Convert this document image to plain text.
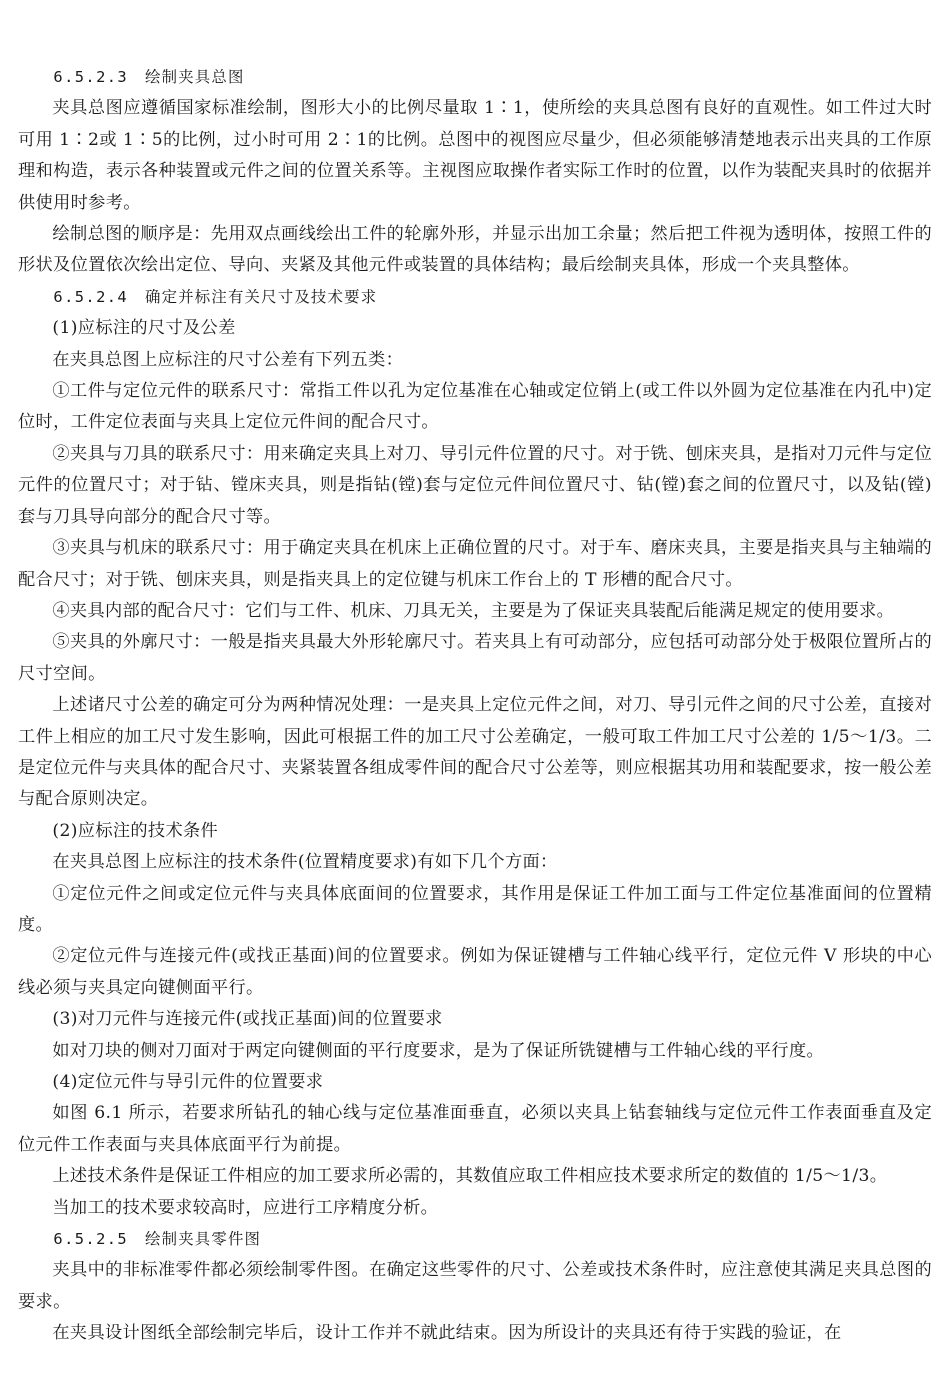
6.5.2.3 绘制夹具总图

夹具总图应遵循国家标准绘制，图形大小的比例尽量取 1∶1，使所绘的夹具总图有良好的直观性。如工件过大时可用 1∶2或 1∶5的比例，过小时可用 2∶1的比例。总图中的视图应尽量少，但必须能够清楚地表示出夹具的工作原理和构造，表示各种装置或元件之间的位置关系等。主视图应取操作者实际工作时的位置，以作为装配夹具时的依据并供使用时参考。

绘制总图的顺序是：先用双点画线绘出工件的轮廓外形，并显示出加工余量；然后把工件视为透明体，按照工件的形状及位置依次绘出定位、导向、夹紧及其他元件或装置的具体结构；最后绘制夹具体，形成一个夹具整体。

6.5.2.4 确定并标注有关尺寸及技术要求

(1)应标注的尺寸及公差

在夹具总图上应标注的尺寸公差有下列五类：

①工件与定位元件的联系尺寸：常指工件以孔为定位基准在心轴或定位销上(或工件以外圆为定位基准在内孔中)定位时，工件定位表面与夹具上定位元件间的配合尺寸。

②夹具与刀具的联系尺寸：用来确定夹具上对刀、导引元件位置的尺寸。对于铣、刨床夹具，是指对刀元件与定位元件的位置尺寸；对于钻、镗床夹具，则是指钻(镗)套与定位元件间位置尺寸、钻(镗)套之间的位置尺寸，以及钻(镗)套与刀具导向部分的配合尺寸等。

③夹具与机床的联系尺寸：用于确定夹具在机床上正确位置的尺寸。对于车、磨床夹具，主要是指夹具与主轴端的配合尺寸；对于铣、刨床夹具，则是指夹具上的定位键与机床工作台上的 T 形槽的配合尺寸。

④夹具内部的配合尺寸：它们与工件、机床、刀具无关，主要是为了保证夹具装配后能满足规定的使用要求。

⑤夹具的外廓尺寸：一般是指夹具最大外形轮廓尺寸。若夹具上有可动部分，应包括可动部分处于极限位置所占的尺寸空间。

上述诸尺寸公差的确定可分为两种情况处理：一是夹具上定位元件之间，对刀、导引元件之间的尺寸公差，直接对工件上相应的加工尺寸发生影响，因此可根据工件的加工尺寸公差确定，一般可取工件加工尺寸公差的 1/5～1/3。二是定位元件与夹具体的配合尺寸、夹紧装置各组成零件间的配合尺寸公差等，则应根据其功用和装配要求，按一般公差与配合原则决定。

(2)应标注的技术条件

在夹具总图上应标注的技术条件(位置精度要求)有如下几个方面：

①定位元件之间或定位元件与夹具体底面间的位置要求，其作用是保证工件加工面与工件定位基准面间的位置精度。

②定位元件与连接元件(或找正基面)间的位置要求。例如为保证键槽与工件轴心线平行，定位元件 V 形块的中心线必须与夹具定向键侧面平行。

(3)对刀元件与连接元件(或找正基面)间的位置要求

如对刀块的侧对刀面对于两定向键侧面的平行度要求，是为了保证所铣键槽与工件轴心线的平行度。

(4)定位元件与导引元件的位置要求

如图 6.1 所示，若要求所钻孔的轴心线与定位基准面垂直，必须以夹具上钻套轴线与定位元件工作表面垂直及定位元件工作表面与夹具体底面平行为前提。

上述技术条件是保证工件相应的加工要求所必需的，其数值应取工件相应技术要求所定的数值的 1/5～1/3。

当加工的技术要求较高时，应进行工序精度分析。

6.5.2.5 绘制夹具零件图

夹具中的非标准零件都必须绘制零件图。在确定这些零件的尺寸、公差或技术条件时，应注意使其满足夹具总图的要求。

在夹具设计图纸全部绘制完毕后，设计工作并不就此结束。因为所设计的夹具还有待于实践的验证，在
